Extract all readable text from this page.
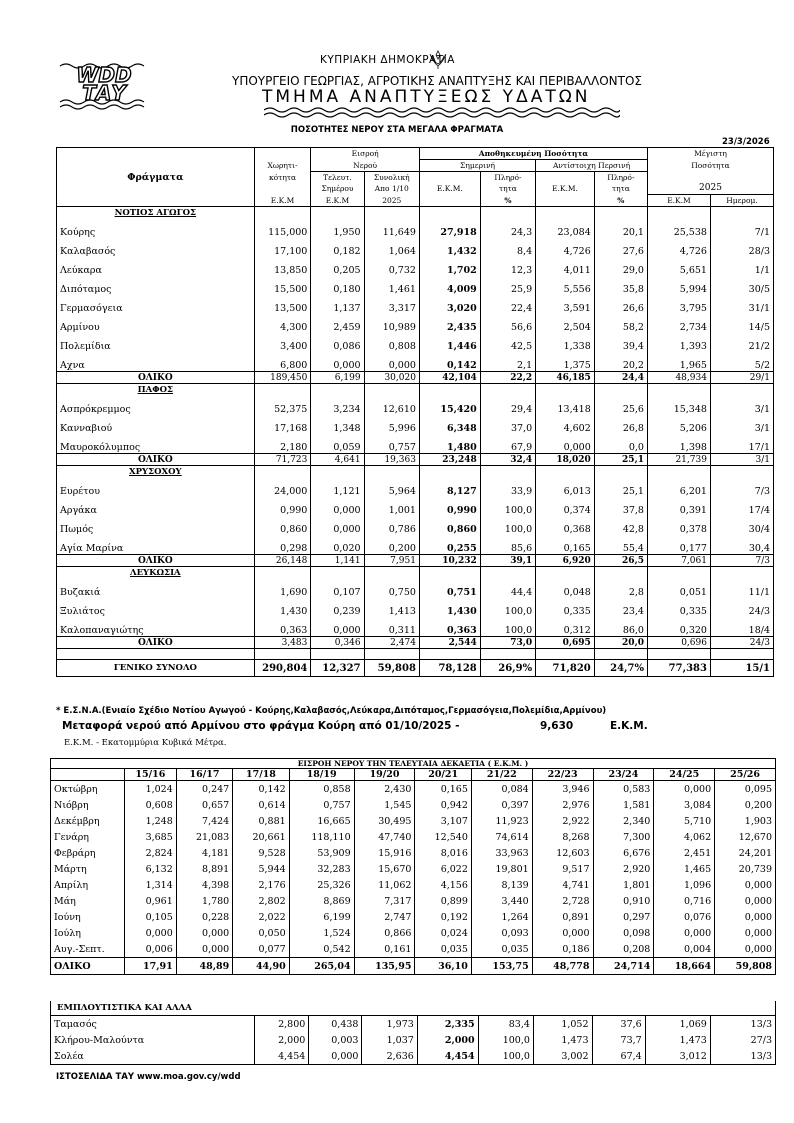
WDD
ΤΑΥ
ΚΥΠΡΙΑΚΗ ΔΗΜΟΚΡΑΤΙΑ
ΥΠΟΥΡΓΕΙΟ ΓΕΩΡΓΙΑΣ, ΑΓΡΟΤΙΚΗΣ ΑΝΑΠΤΥΞΗΣ ΚΑΙ ΠΕΡΙΒΑΛΛΟΝΤΟΣ
ΤΜΗΜΑ ΑΝΑΠΤΥΞΕΩΣ ΥΔΑΤΩΝ
ΠΟΣΟΤΗΤΕΣ ΝΕΡΟΥ ΣΤΑ ΜΕΓΑΛΑ ΦΡΑΓΜΑΤΑ
23/3/2026
		Εισροή		Αποθηκευμένη Ποσότητα				Μέγιστη	
	Χωρητι-	Νερού		Σημερινή		Αντίστοιχη Περσινή		Ποσότητα	
Φράγματα	κότητα	Τελευτ.	Συνολική		Πληρό-		Πληρό-		
		Σημέρου	Απο 1/10	Ε.Κ.Μ.	τητα	Ε.Κ.Μ.	τητα	2025	
	Ε.Κ.Μ	Ε.Κ.Μ	2025		%		%	Ε.Κ.Μ	Ημερομ.
ΝΟΤΙΟΣ ΑΓΩΓΟΣ									
Κούρης	115,000	1,950	11,649	27,918	24,3	23,084	20,1	25,538	7/1
Καλαβασός	17,100	0,182	1,064	1,432	8,4	4,726	27,6	4,726	28/3
Λεύκαρα	13,850	0,205	0,732	1,702	12,3	4,011	29,0	5,651	1/1
Διπόταμος	15,500	0,180	1,461	4,009	25,9	5,556	35,8	5,994	30/5
Γερμασόγεια	13,500	1,137	3,317	3,020	22,4	3,591	26,6	3,795	31/1
Αρμίνου	4,300	2,459	10,989	2,435	56,6	2,504	58,2	2,734	14/5
Πολεμίδια	3,400	0,086	0,808	1,446	42,5	1,338	39,4	1,393	21/2
Αχνα	6,800	0,000	0,000	0,142	2,1	1,375	20,2	1,965	5/2
ΟΛΙΚΟ	189,450	6,199	30,020	42,104	22,2	46,185	24,4	48,934	29/1
ΠΑΦΟΣ									
Ασπρόκρεμμος	52,375	3,234	12,610	15,420	29,4	13,418	25,6	15,348	3/1
Κανναβιού	17,168	1,348	5,996	6,348	37,0	4,602	26,8	5,206	3/1
Μαυροκόλυμπος	2,180	0,059	0,757	1,480	67,9	0,000	0,0	1,398	17/1
ΟΛΙΚΟ	71,723	4,641	19,363	23,248	32,4	18,020	25,1	21,739	3/1
ΧΡΥΣΟΧΟΥ									
Ευρέτου	24,000	1,121	5,964	8,127	33,9	6,013	25,1	6,201	7/3
Αργάκα	0,990	0,000	1,001	0,990	100,0	0,374	37,8	0,391	17/4
Πωμός	0,860	0,000	0,786	0,860	100,0	0,368	42,8	0,378	30/4
Αγία Μαρίνα	0,298	0,020	0,200	0,255	85,6	0,165	55,4	0,177	30,4
ΟΛΙΚΟ	26,148	1,141	7,951	10,232	39,1	6,920	26,5	7,061	7/3
ΛΕΥΚΩΣΙΑ									
Βυζακιά	1,690	0,107	0,750	0,751	44,4	0,048	2,8	0,051	11/1
Ξυλιάτος	1,430	0,239	1,413	1,430	100,0	0,335	23,4	0,335	24/3
Καλοπαναγιώτης	0,363	0,000	0,311	0,363	100,0	0,312	86,0	0,320	18/4
ΟΛΙΚΟ	3,483	0,346	2,474	2,544	73,0	0,695	20,0	0,696	24/3

ΓΕΝΙΚΟ ΣΥΝΟΛΟ	290,804	12,327	59,808	78,128	26,9%	71,820	24,7%	77,383	15/1
* Ε.Σ.Ν.Α.(Ενιαίο Σχέδιο Νοτίου Αγωγού - Κούρης,Καλαβασός,Λεύκαρα,Διπόταμος,Γερμασόγεια,Πολεμίδια,Αρμίνου)
Μεταφορά νερού από Αρμίνου στο φράγμα Κούρη από 01/10/2025 -	9,630	Ε.Κ.Μ.
Ε.Κ.Μ. - Εκατομμύρια Κυβικά Μέτρα.
ΕΙΣΡΟΗ ΝΕΡΟΥ ΤΗΝ ΤΕΛΕΥΤΑΙΑ ΔΕΚΑΕΤΙΑ ( Ε.Κ.Μ. )											
	15/16	16/17	17/18	18/19	19/20	20/21	21/22	22/23	23/24	24/25	25/26
Οκτώβρη	1,024	0,247	0,142	0,858	2,430	0,165	0,084	3,946	0,583	0,000	0,095
Νιόβρη	0,608	0,657	0,614	0,757	1,545	0,942	0,397	2,976	1,581	3,084	0,200
Δεκέμβρη	1,248	7,424	0,881	16,665	30,495	3,107	11,923	2,922	2,340	5,710	1,903
Γενάρη	3,685	21,083	20,661	118,110	47,740	12,540	74,614	8,268	7,300	4,062	12,670
Φεβράρη	2,824	4,181	9,528	53,909	15,916	8,016	33,963	12,603	6,676	2,451	24,201
Μάρτη	6,132	8,891	5,944	32,283	15,670	6,022	19,801	9,517	2,920	1,465	20,739
Απρίλη	1,314	4,398	2,176	25,326	11,062	4,156	8,139	4,741	1,801	1,096	0,000
Μάη	0,961	1,780	2,802	8,869	7,317	0,899	3,440	2,728	0,910	0,716	0,000
Ιούνη	0,105	0,228	2,022	6,199	2,747	0,192	1,264	0,891	0,297	0,076	0,000
Ιούλη	0,000	0,000	0,050	1,524	0,866	0,024	0,093	0,000	0,098	0,000	0,000
Αυγ.-Σεπτ.	0,006	0,000	0,077	0,542	0,161	0,035	0,035	0,186	0,208	0,004	0,000
ΟΛΙΚΟ	17,91	48,89	44,90	265,04	135,95	36,10	153,75	48,778	24,714	18,664	59,808
ΕΜΠΛΟΥΤΙΣΤΙΚΑ ΚΑΙ ΑΛΛΑ									
Ταμασός	2,800	0,438	1,973	2,335	83,4	1,052	37,6	1,069	13/3
Κλήρου-Μαλούντα	2,000	0,003	1,037	2,000	100,0	1,473	73,7	1,473	27/3
Σολέα	4,454	0,000	2,636	4,454	100,0	3,002	67,4	3,012	13/3
ΙΣΤΟΣΕΛΙΔΑ ΤΑΥ www.moa.gov.cy/wdd
